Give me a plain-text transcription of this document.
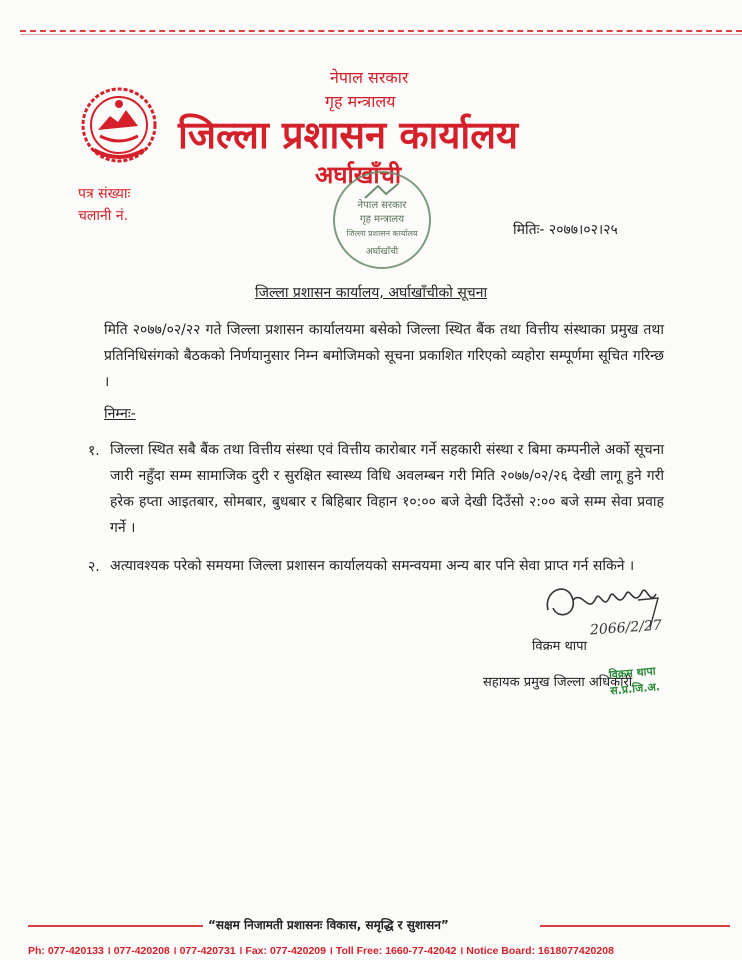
नेपाल सरकार
गृह मन्त्रालय
जिल्ला प्रशासन कार्यालय
अर्घाखाँची
पत्र संख्याः
चलानी नं.
नेपाल सरकार
गृह मन्त्रालय
जिल्ला प्रशासन कार्यालय
अर्घाखाँची
मितिः- २०७७।०२।२५
जिल्ला प्रशासन कार्यालय, अर्घाखाँचीको सूचना
मिति २०७७/०२/२२ गते जिल्ला प्रशासन कार्यालयमा बसेको जिल्ला स्थित बैंक तथा वित्तीय संस्थाका प्रमुख तथा प्रतिनिधिसंगको बैठकको निर्णयानुसार निम्न बमोजिमको सूचना प्रकाशित गरिएको व्यहोरा सम्पूर्णमा सूचित गरिन्छ ।
निम्नः-
१. जिल्ला स्थित सबै बैंक तथा वित्तीय संस्था एवं वित्तीय कारोबार गर्ने सहकारी संस्था र बिमा कम्पनीले अर्को सूचना जारी नहुँदा सम्म सामाजिक दुरी र सुरक्षित स्वास्थ्य विधि अवलम्बन गरी मिति २०७७/०२/२६ देखी लागू हुने गरी हरेक हप्ता आइतबार, सोमबार, बुधबार र बिहिबार विहान १०:०० बजे देखी दिउँसो २:०० बजे सम्म सेवा प्रवाह गर्ने ।
२. अत्यावश्यक परेको समयमा जिल्ला प्रशासन कार्यालयको समन्वयमा अन्य बार पनि सेवा प्राप्त गर्न सकिने ।
2066/2/27
विक्रम थापा
सहायक प्रमुख जिल्ला अधिकारी
विक्रम थापा
स.प्र.जि.अ.
“सक्षम निजामती प्रशासनः विकास, समृद्धि र सुशासन”
Ph: 077-420133 । 077-420208 । 077-420731 । Fax: 077-420209 । Toll Free: 1660-77-42042 । Notice Board: 1618077420208
